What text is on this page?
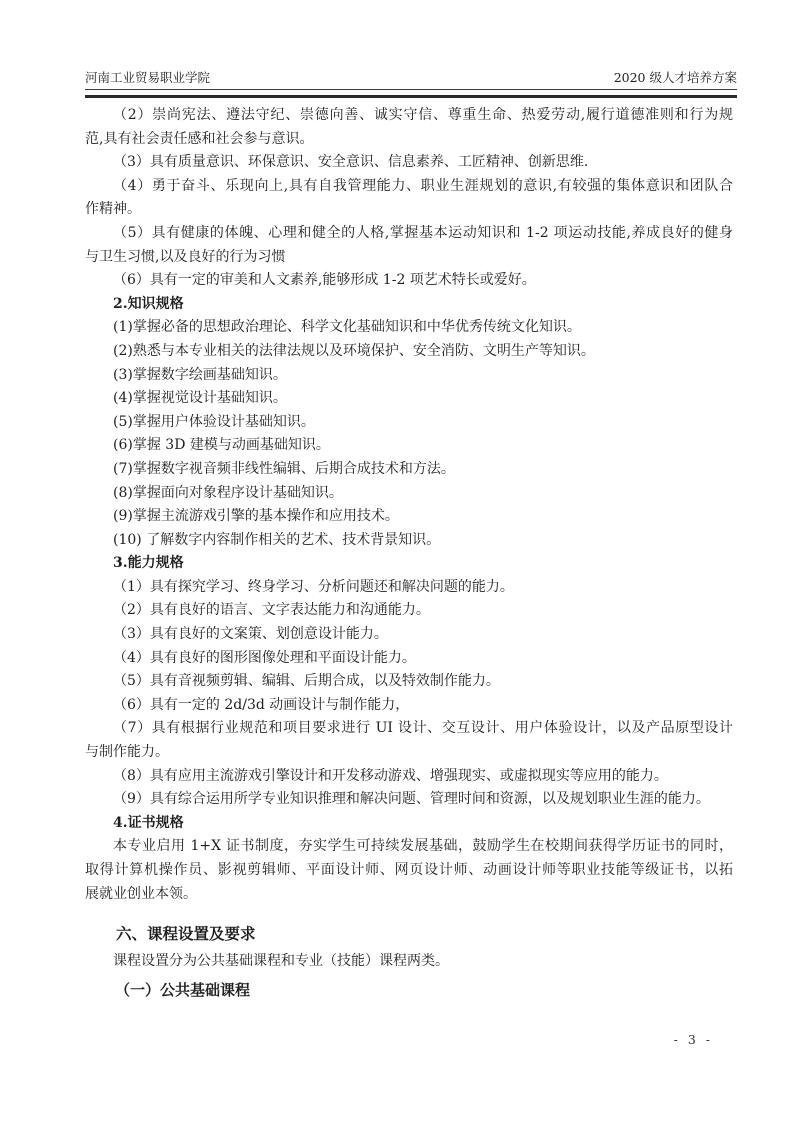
河南工业贸易职业学院	2020 级人才培养方案

（2）崇尚宪法、遵法守纪、崇德向善、诚实守信、尊重生命、热爱劳动,履行道德准则和行为规
范,具有社会责任感和社会参与意识。

（3）具有质量意识、环保意识、安全意识、信息素养、工匠精神、创新思维.

（4）勇于奋斗、乐现向上,具有自我管理能力、职业生涯规划的意识,有较强的集体意识和团队合
作精神。

（5）具有健康的体魄、心理和健全的人格,掌握基本运动知识和 1-2 项运动技能,养成良好的健身
与卫生习惯,以及良好的行为习惯

（6）具有一定的审美和人文素养,能够形成 1-2 项艺术特长或爱好。

2.知识规格

(1)掌握必备的思想政治理论、科学文化基础知识和中华优秀传统文化知识。

(2)熟悉与本专业相关的法律法规以及环境保护、安全消防、文明生产等知识。

(3)掌握数字绘画基础知识。

(4)掌握视觉设计基础知识。

(5)掌握用户体验设计基础知识。

(6)掌握 3D 建模与动画基础知识。

(7)掌握数字视音频非线性编辑、后期合成技术和方法。

(8)掌握面向对象程序设计基础知识。

(9)掌握主流游戏引擎的基本操作和应用技术。

(10) 了解数字内容制作相关的艺术、技术背景知识。

3.能力规格

（1）具有探究学习、终身学习、分析问题还和解决问题的能力。

（2）具有良好的语言、文字表达能力和沟通能力。

（3）具有良好的文案策、划创意设计能力。

（4）具有良好的图形图像处理和平面设计能力。

（5）具有音视频剪辑、编辑、后期合成，以及特效制作能力。

（6）具有一定的 2d/3d 动画设计与制作能力，

（7）具有根据行业规范和项目要求进行 UI 设计、交互设计、用户体验设计，以及产品原型设计
与制作能力。

（8）具有应用主流游戏引擎设计和开发移动游戏、增强现实、或虚拟现实等应用的能力。

（9）具有综合运用所学专业知识推理和解决问题、管理时间和资源，以及规划职业生涯的能力。

4.证书规格

本专业启用 1+X 证书制度，夯实学生可持续发展基础，鼓励学生在校期间获得学历证书的同时，
取得计算机操作员、影视剪辑师、平面设计师、网页设计师、动画设计师等职业技能等级证书，以拓
展就业创业本领。

六、课程设置及要求

课程设置分为公共基础课程和专业（技能）课程两类。

（一）公共基础课程

- 3 -
